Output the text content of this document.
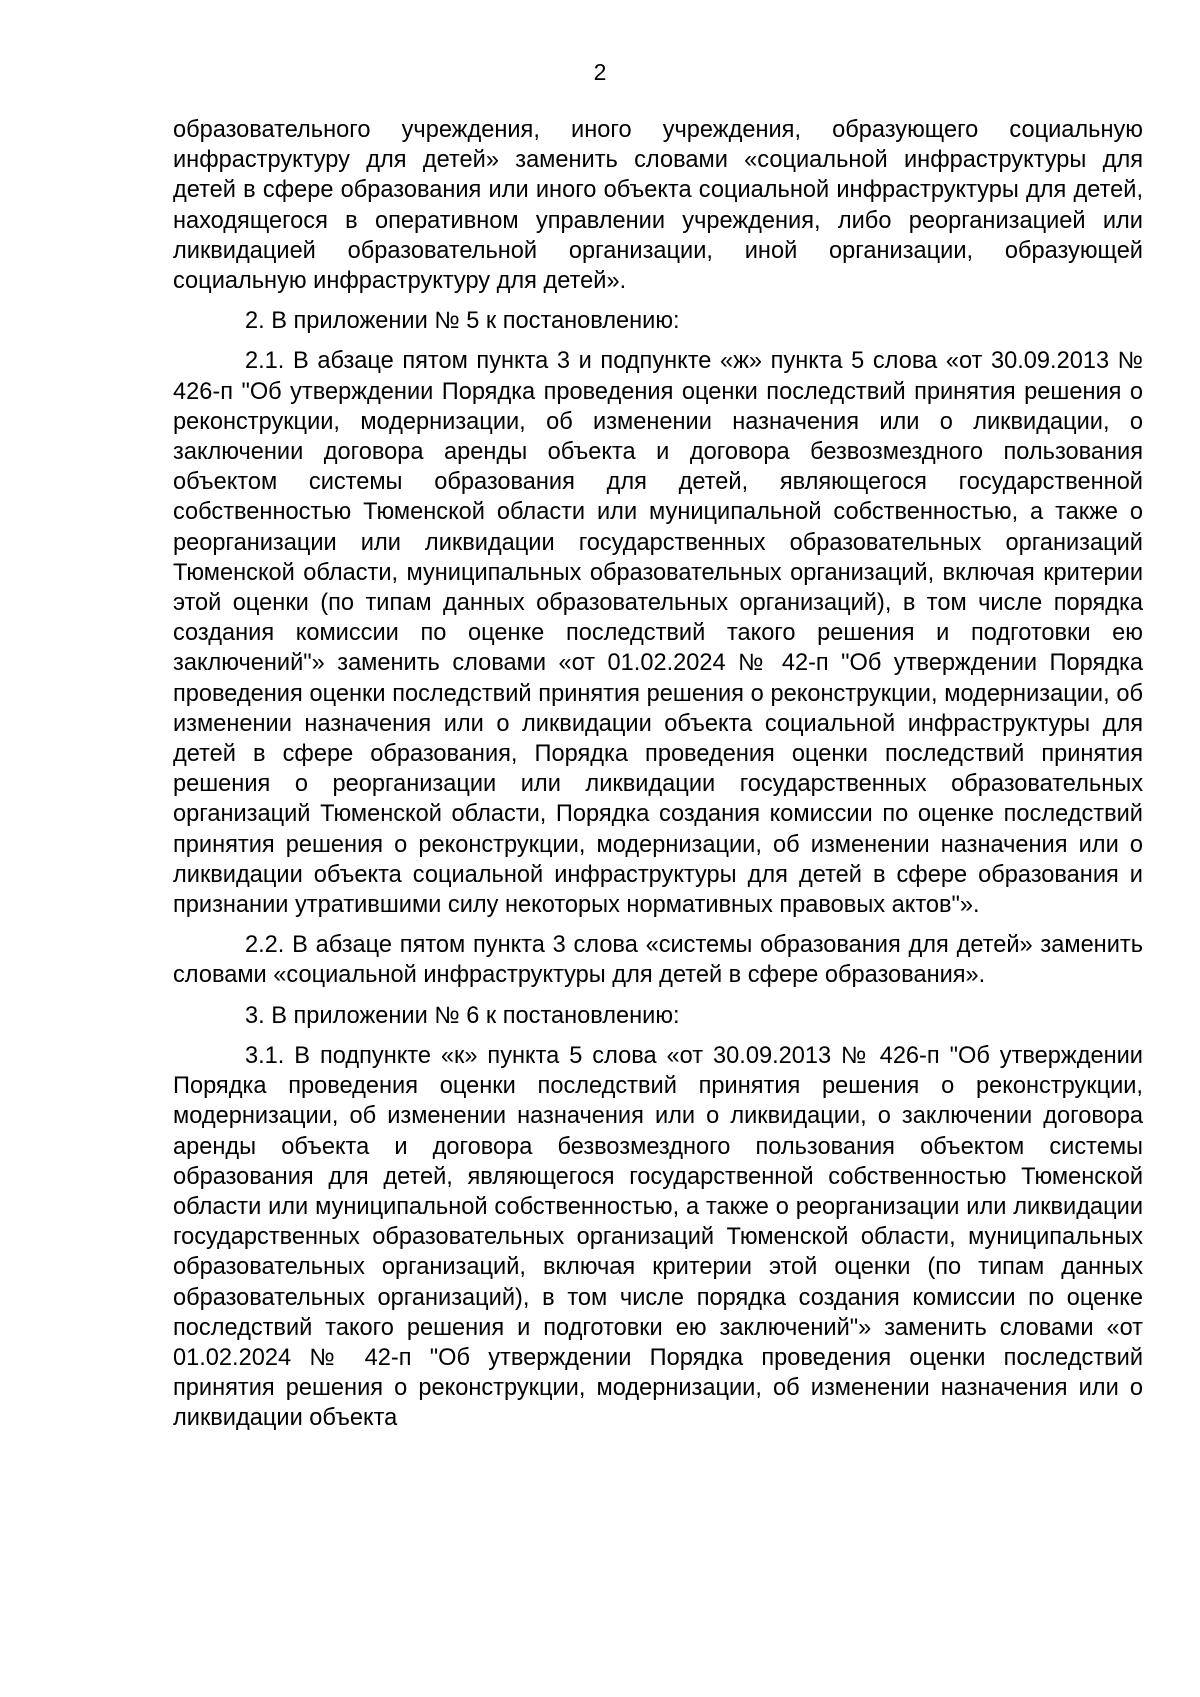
2

образовательного учреждения, иного учреждения, образующего социальную инфраструктуру для детей» заменить словами «социальной инфраструктуры для детей в сфере образования или иного объекта социальной инфраструктуры для детей, находящегося в оперативном управлении учреждения, либо реорганизацией или ликвидацией образовательной организации, иной организации, образующей социальную инфраструктуру для детей».

2. В приложении № 5 к постановлению:

2.1. В абзаце пятом пункта 3 и подпункте «ж» пункта 5 слова «от 30.09.2013 № 426-п "Об утверждении Порядка проведения оценки последствий принятия решения о реконструкции, модернизации, об изменении назначения или о ликвидации, о заключении договора аренды объекта и договора безвозмездного пользования объектом системы образования для детей, являющегося государственной собственностью Тюменской области или муниципальной собственностью, а также о реорганизации или ликвидации государственных образовательных организаций Тюменской области, муниципальных образовательных организаций, включая критерии этой оценки (по типам данных образовательных организаций), в том числе порядка создания комиссии по оценке последствий такого решения и подготовки ею заключений"» заменить словами «от 01.02.2024 № 42-п "Об утверждении Порядка проведения оценки последствий принятия решения о реконструкции, модернизации, об изменении назначения или о ликвидации объекта социальной инфраструктуры для детей в сфере образования, Порядка проведения оценки последствий принятия решения о реорганизации или ликвидации государственных образовательных организаций Тюменской области, Порядка создания комиссии по оценке последствий принятия решения о реконструкции, модернизации, об изменении назначения или о ликвидации объекта социальной инфраструктуры для детей в сфере образования и признании утратившими силу некоторых нормативных правовых актов"».

2.2. В абзаце пятом пункта 3 слова «системы образования для детей» заменить словами «социальной инфраструктуры для детей в сфере образования».

3. В приложении № 6 к постановлению:

3.1. В подпункте «к» пункта 5 слова «от 30.09.2013 № 426-п "Об утверждении Порядка проведения оценки последствий принятия решения о реконструкции, модернизации, об изменении назначения или о ликвидации, о заключении договора аренды объекта и договора безвозмездного пользования объектом системы образования для детей, являющегося государственной собственностью Тюменской области или муниципальной собственностью, а также о реорганизации или ликвидации государственных образовательных организаций Тюменской области, муниципальных образовательных организаций, включая критерии этой оценки (по типам данных образовательных организаций), в том числе порядка создания комиссии по оценке последствий такого решения и подготовки ею заключений"» заменить словами «от 01.02.2024 № 42-п "Об утверждении Порядка проведения оценки последствий принятия решения о реконструкции, модернизации, об изменении назначения или о ликвидации объекта
